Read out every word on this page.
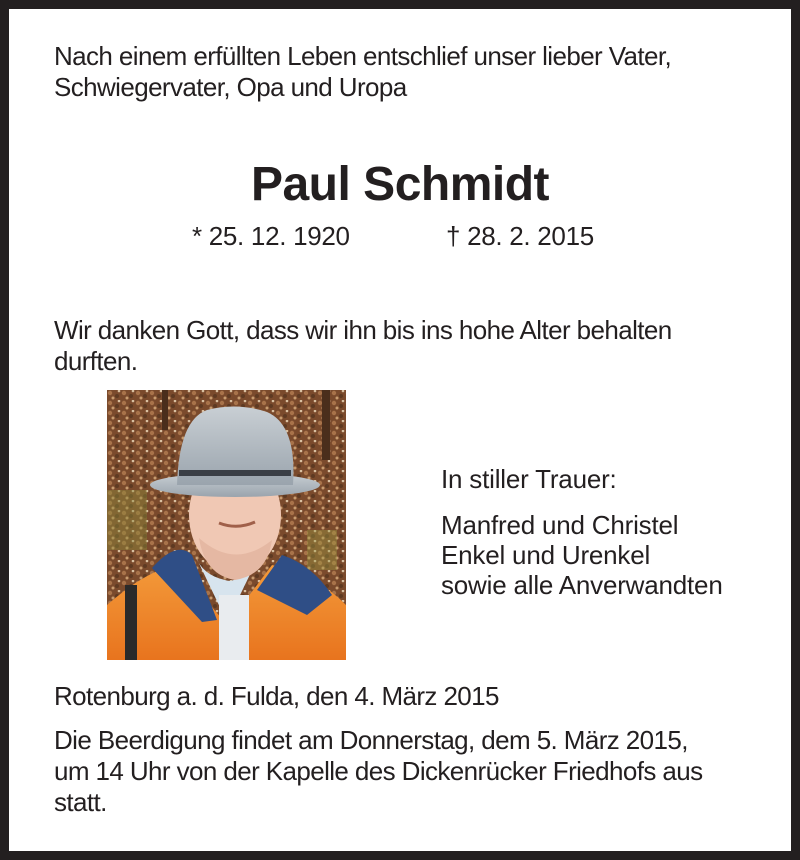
Nach einem erfüllten Leben entschlief unser lieber Vater,
Schwiegervater, Opa und Uropa
Paul Schmidt
* 25. 12. 1920	† 28. 2. 2015
Wir danken Gott, dass wir ihn bis ins hohe Alter behalten
durften.
In stiller Trauer:
Manfred und Christel
Enkel und Urenkel
sowie alle Anverwandten
Rotenburg a. d. Fulda, den 4. März 2015
Die Beerdigung findet am Donnerstag, dem 5. März 2015,
um 14 Uhr von der Kapelle des Dickenrücker Friedhofs aus
statt.
